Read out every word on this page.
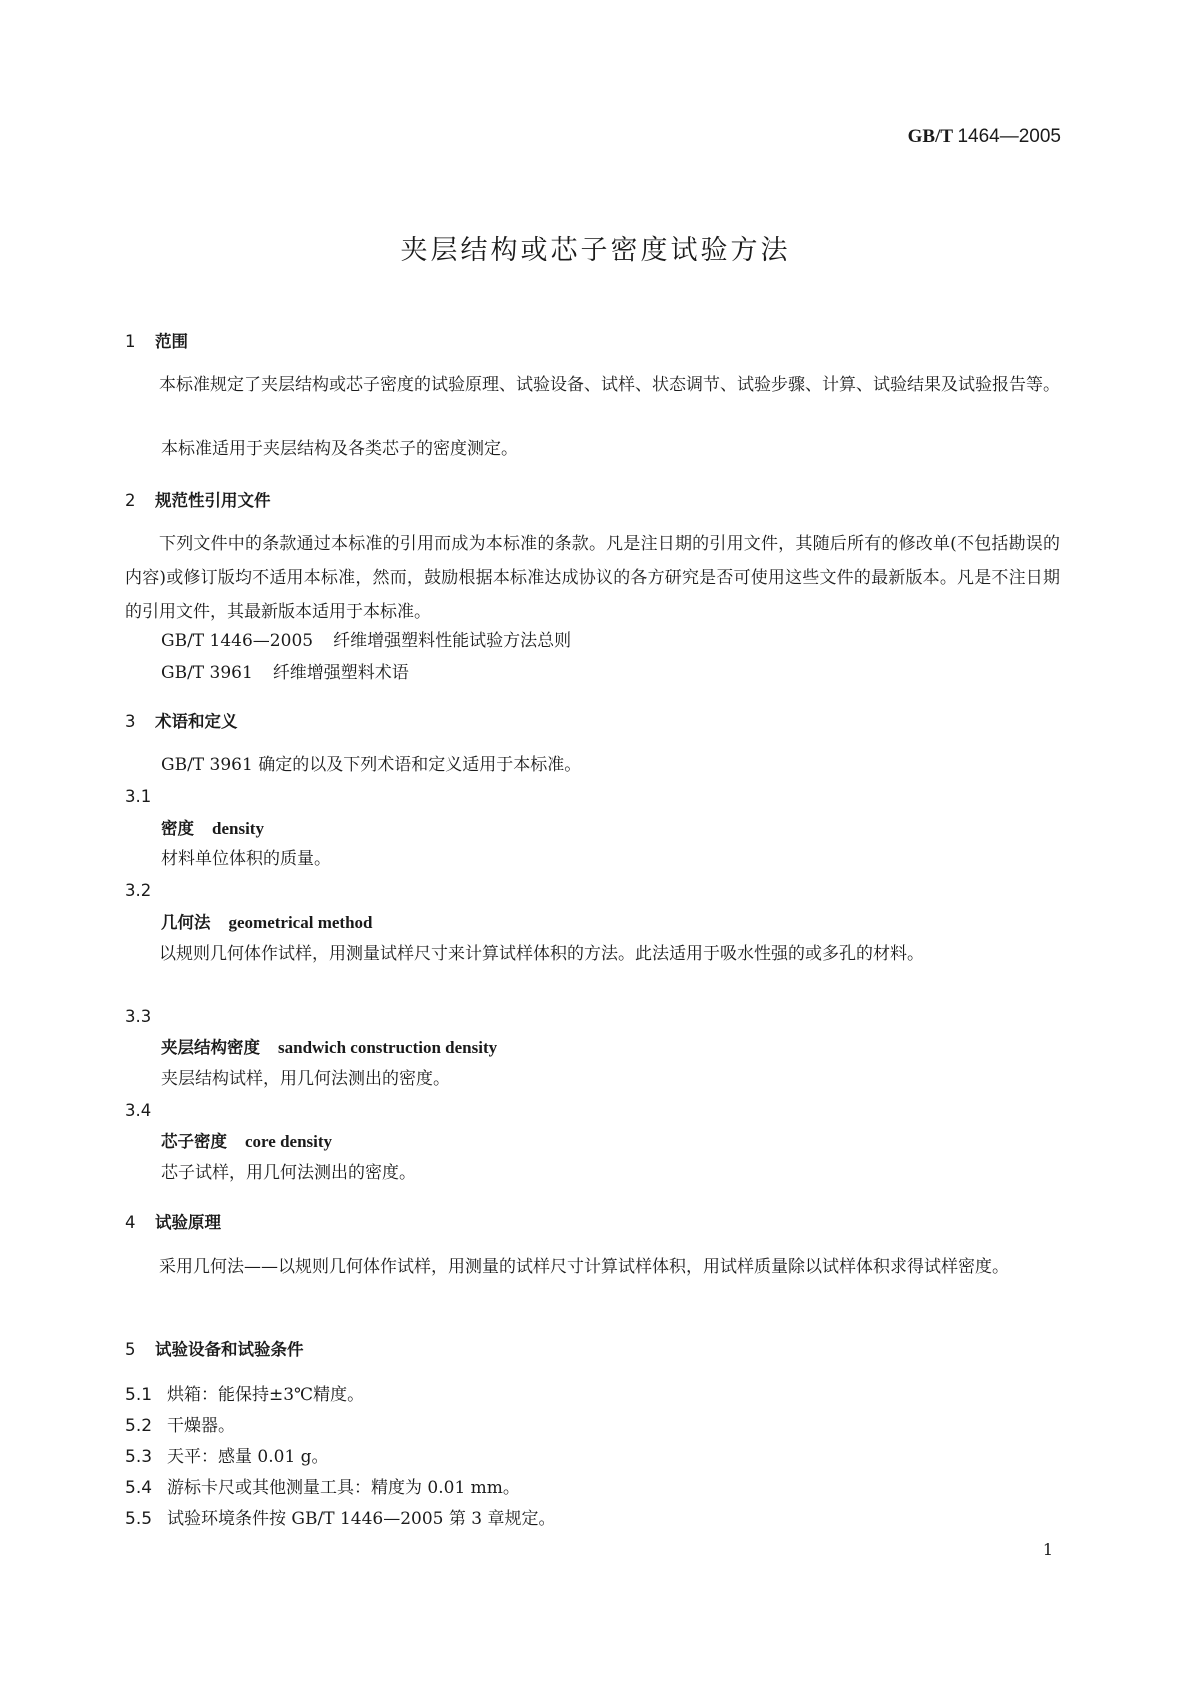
GB/T 1464—2005
夹层结构或芯子密度试验方法
1 范围
本标准规定了夹层结构或芯子密度的试验原理、试验设备、试样、状态调节、试验步骤、计算、试验结果及试验报告等。
本标准适用于夹层结构及各类芯子的密度测定。
2 规范性引用文件
下列文件中的条款通过本标准的引用而成为本标准的条款。凡是注日期的引用文件，其随后所有的修改单(不包括勘误的内容)或修订版均不适用本标准，然而，鼓励根据本标准达成协议的各方研究是否可使用这些文件的最新版本。凡是不注日期的引用文件，其最新版本适用于本标准。
GB/T 1446—2005 纤维增强塑料性能试验方法总则
GB/T 3961 纤维增强塑料术语
3 术语和定义
GB/T 3961 确定的以及下列术语和定义适用于本标准。
3.1
密度 density
材料单位体积的质量。
3.2
几何法 geometrical method
以规则几何体作试样，用测量试样尺寸来计算试样体积的方法。此法适用于吸水性强的或多孔的材料。
3.3
夹层结构密度 sandwich construction density
夹层结构试样，用几何法测出的密度。
3.4
芯子密度 core density
芯子试样，用几何法测出的密度。
4 试验原理
采用几何法——以规则几何体作试样，用测量的试样尺寸计算试样体积，用试样质量除以试样体积求得试样密度。
5 试验设备和试验条件
5.1 烘箱：能保持±3℃精度。
5.2 干燥器。
5.3 天平：感量 0.01 g。
5.4 游标卡尺或其他测量工具：精度为 0.01 mm。
5.5 试验环境条件按 GB/T 1446—2005 第 3 章规定。
1
